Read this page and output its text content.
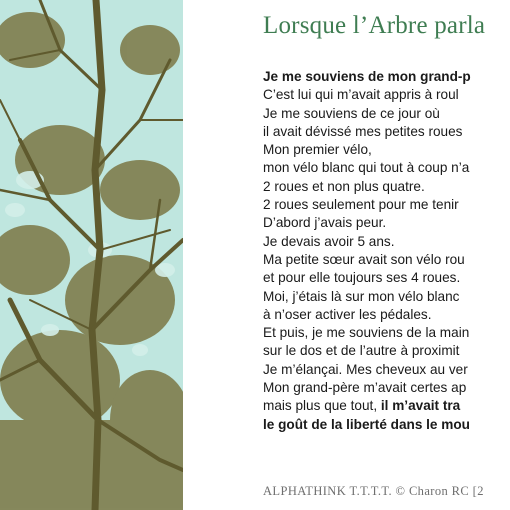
Lorsque l’Arbre parla
Je me souviens de mon grand-p
C’est lui qui m’avait appris à roul
Je me souviens de ce jour où
il avait dévissé mes petites roues
Mon premier vélo,
mon vélo blanc qui tout à coup n’a
2 roues et non plus quatre.
2 roues seulement pour me tenir
D’abord j’avais peur.
Je devais avoir 5 ans.
Ma petite sœur avait son vélo rou
et pour elle toujours ses 4 roues.
Moi, j’étais là sur mon vélo blanc
à n’oser activer les pédales.
Et puis, je me souviens de la main
sur le dos et de l’autre à proximit
Je m’élançai. Mes cheveux au ver
Mon grand-père m’avait certes ap
mais plus que tout, il m’avait tra
le goût de la liberté dans le mou
ALPHATHINK T.T.T.T. © Charon RC [2
